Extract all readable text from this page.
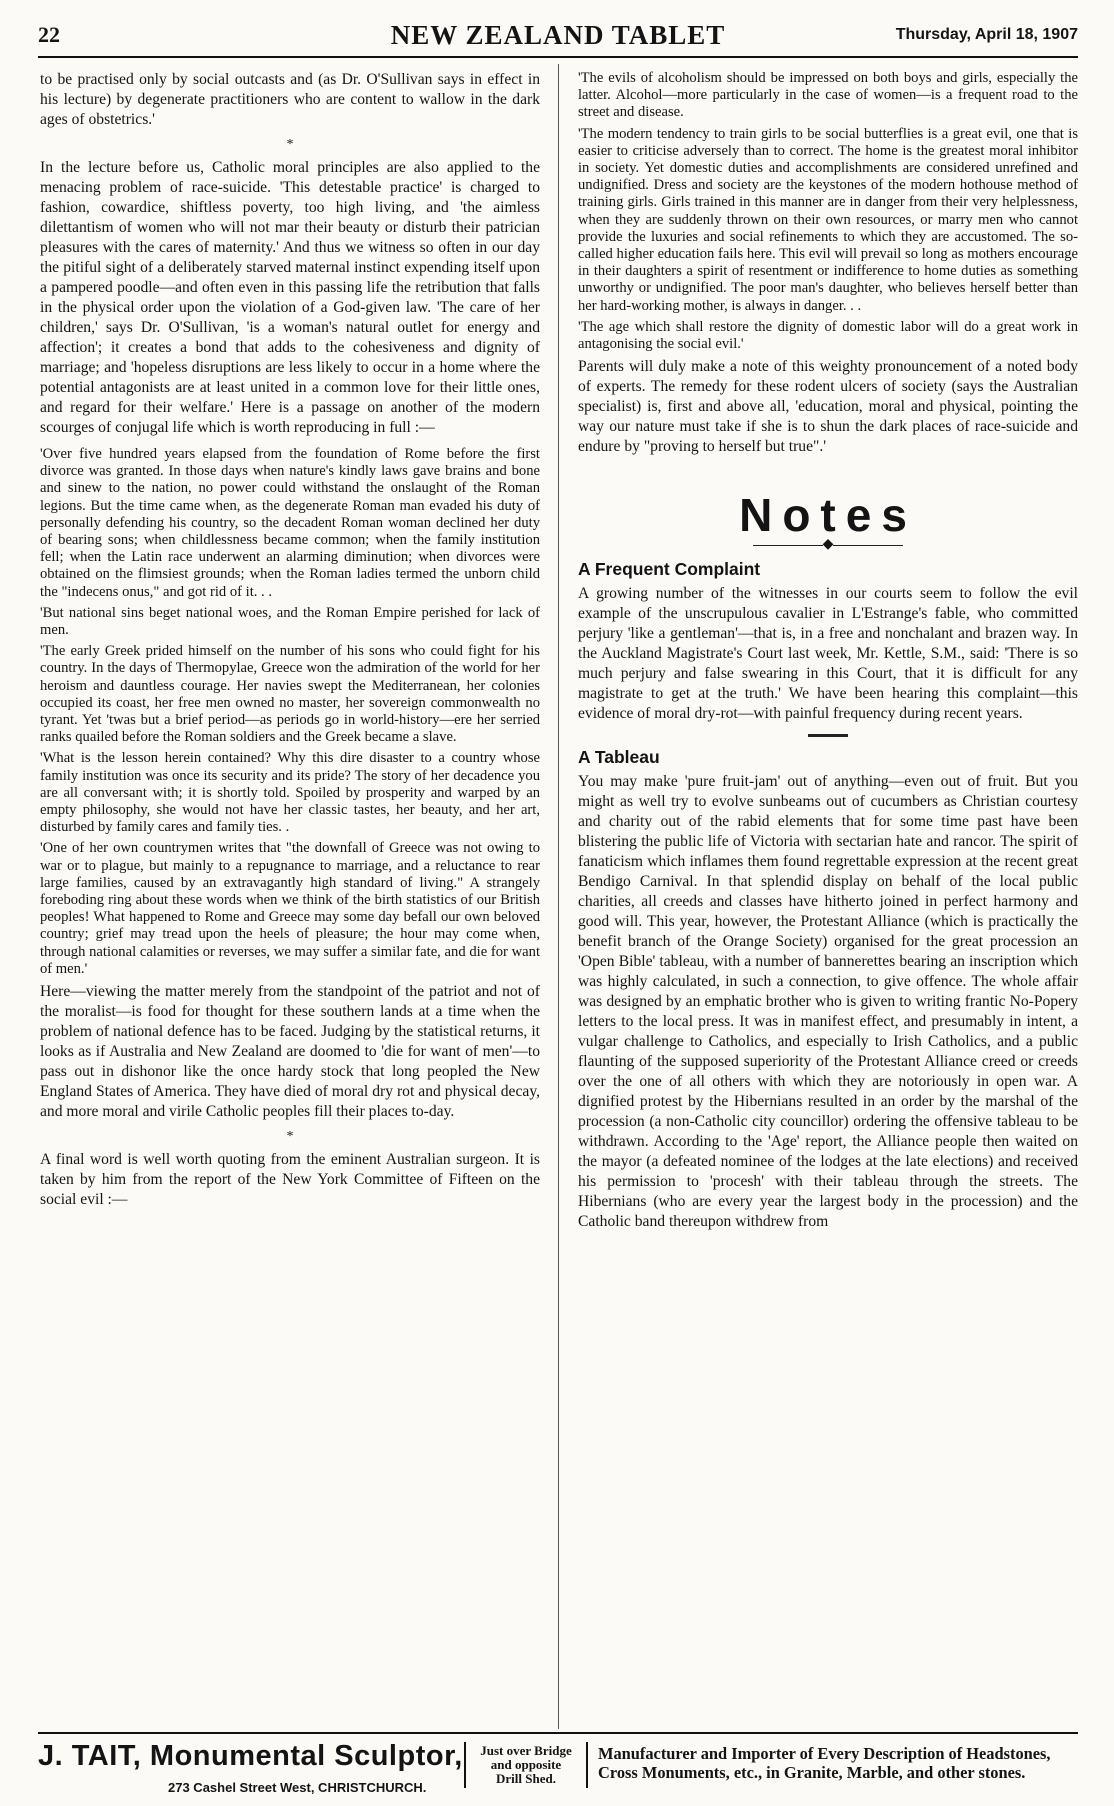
22	NEW ZEALAND TABLET	Thursday, April 18, 1907

to be practised only by social outcasts and (as Dr. O'Sullivan says in effect in his lecture) by degenerate practitioners who are content to wallow in the dark ages of obstetrics.'

*

In the lecture before us, Catholic moral principles are also applied to the menacing problem of race-suicide. 'This detestable practice' is charged to fashion, cowardice, shiftless poverty, too high living, and 'the aimless dilettantism of women who will not mar their beauty or disturb their patrician pleasures with the cares of maternity.' And thus we witness so often in our day the pitiful sight of a deliberately starved maternal instinct expending itself upon a pampered poodle—and often even in this passing life the retribution that falls in the physical order upon the violation of a God-given law. 'The care of her children,' says Dr. O'Sullivan, 'is a woman's natural outlet for energy and affection'; it creates a bond that adds to the cohesiveness and dignity of marriage; and 'hopeless disruptions are less likely to occur in a home where the potential antagonists are at least united in a common love for their little ones, and regard for their welfare.' Here is a passage on another of the modern scourges of conjugal life which is worth reproducing in full :—

'Over five hundred years elapsed from the foundation of Rome before the first divorce was granted. In those days when nature's kindly laws gave brains and bone and sinew to the nation, no power could withstand the onslaught of the Roman legions. But the time came when, as the degenerate Roman man evaded his duty of personally defending his country, so the decadent Roman woman declined her duty of bearing sons; when childlessness became common; when the family institution fell; when the Latin race underwent an alarming diminution; when divorces were obtained on the flimsiest grounds; when the Roman ladies termed the unborn child the "indecens onus," and got rid of it. . .

'But national sins beget national woes, and the Roman Empire perished for lack of men.

'The early Greek prided himself on the number of his sons who could fight for his country. In the days of Thermopylae, Greece won the admiration of the world for her heroism and dauntless courage. Her navies swept the Mediterranean, her colonies occupied its coast, her free men owned no master, her sovereign commonwealth no tyrant. Yet 'twas but a brief period—as periods go in world-history—ere her serried ranks quailed before the Roman soldiers and the Greek became a slave.

'What is the lesson herein contained? Why this dire disaster to a country whose family institution was once its security and its pride? The story of her decadence you are all conversant with; it is shortly told. Spoiled by prosperity and warped by an empty philosophy, she would not have her classic tastes, her beauty, and her art, disturbed by family cares and family ties. .

'One of her own countrymen writes that "the downfall of Greece was not owing to war or to plague, but mainly to a repugnance to marriage, and a reluctance to rear large families, caused by an extravagantly high standard of living." A strangely foreboding ring about these words when we think of the birth statistics of our British peoples! What happened to Rome and Greece may some day befall our own beloved country; grief may tread upon the heels of pleasure; the hour may come when, through national calamities or reverses, we may suffer a similar fate, and die for want of men.'

Here—viewing the matter merely from the standpoint of the patriot and not of the moralist—is food for thought for these southern lands at a time when the problem of national defence has to be faced. Judging by the statistical returns, it looks as if Australia and New Zealand are doomed to 'die for want of men'—to pass out in dishonor like the once hardy stock that long peopled the New England States of America. They have died of moral dry rot and physical decay, and more moral and virile Catholic peoples fill their places to-day.

*

A final word is well worth quoting from the eminent Australian surgeon. It is taken by him from the report of the New York Committee of Fifteen on the social evil :—

'The evils of alcoholism should be impressed on both boys and girls, especially the latter. Alcohol—more particularly in the case of women—is a frequent road to the street and disease.

'The modern tendency to train girls to be social butterflies is a great evil, one that is easier to criticise adversely than to correct. The home is the greatest moral inhibitor in society. Yet domestic duties and accomplishments are considered unrefined and undignified. Dress and society are the keystones of the modern hothouse method of training girls. Girls trained in this manner are in danger from their very helplessness, when they are suddenly thrown on their own resources, or marry men who cannot provide the luxuries and social refinements to which they are accustomed. The so-called higher education fails here. This evil will prevail so long as mothers encourage in their daughters a spirit of resentment or indifference to home duties as something unworthy or undignified. The poor man's daughter, who believes herself better than her hard-working mother, is always in danger. . .

'The age which shall restore the dignity of domestic labor will do a great work in antagonising the social evil.'

Parents will duly make a note of this weighty pronouncement of a noted body of experts. The remedy for these rodent ulcers of society (says the Australian specialist) is, first and above all, 'education, moral and physical, pointing the way our nature must take if she is to shun the dark places of race-suicide and endure by "proving to herself but true".'

Notes
◆
A Frequent Complaint

A growing number of the witnesses in our courts seem to follow the evil example of the unscrupulous cavalier in L'Estrange's fable, who committed perjury 'like a gentleman'—that is, in a free and nonchalant and brazen way. In the Auckland Magistrate's Court last week, Mr. Kettle, S.M., said: 'There is so much perjury and false swearing in this Court, that it is difficult for any magistrate to get at the truth.' We have been hearing this complaint—this evidence of moral dry-rot—with painful frequency during recent years.

A Tableau

You may make 'pure fruit-jam' out of anything—even out of fruit. But you might as well try to evolve sunbeams out of cucumbers as Christian courtesy and charity out of the rabid elements that for some time past have been blistering the public life of Victoria with sectarian hate and rancor. The spirit of fanaticism which inflames them found regrettable expression at the recent great Bendigo Carnival. In that splendid display on behalf of the local public charities, all creeds and classes have hitherto joined in perfect harmony and good will. This year, however, the Protestant Alliance (which is practically the benefit branch of the Orange Society) organised for the great procession an 'Open Bible' tableau, with a number of bannerettes bearing an inscription which was highly calculated, in such a connection, to give offence. The whole affair was designed by an emphatic brother who is given to writing frantic No-Popery letters to the local press. It was in manifest effect, and presumably in intent, a vulgar challenge to Catholics, and especially to Irish Catholics, and a public flaunting of the supposed superiority of the Protestant Alliance creed or creeds over the one of all others with which they are notoriously in open war. A dignified protest by the Hibernians resulted in an order by the marshal of the procession (a non-Catholic city councillor) ordering the offensive tableau to be withdrawn. According to the 'Age' report, the Alliance people then waited on the mayor (a defeated nominee of the lodges at the late elections) and received his permission to 'procesh' with their tableau through the streets. The Hibernians (who are every year the largest body in the procession) and the Catholic band thereupon withdrew from

J. TAIT, Monumental Sculptor,
273 Cashel Street West, CHRISTCHURCH.
Just over Bridge
and opposite
Drill Shed.
Manufacturer and Importer of Every Description of Headstones, Cross Monuments, etc., in Granite, Marble, and other stones.
